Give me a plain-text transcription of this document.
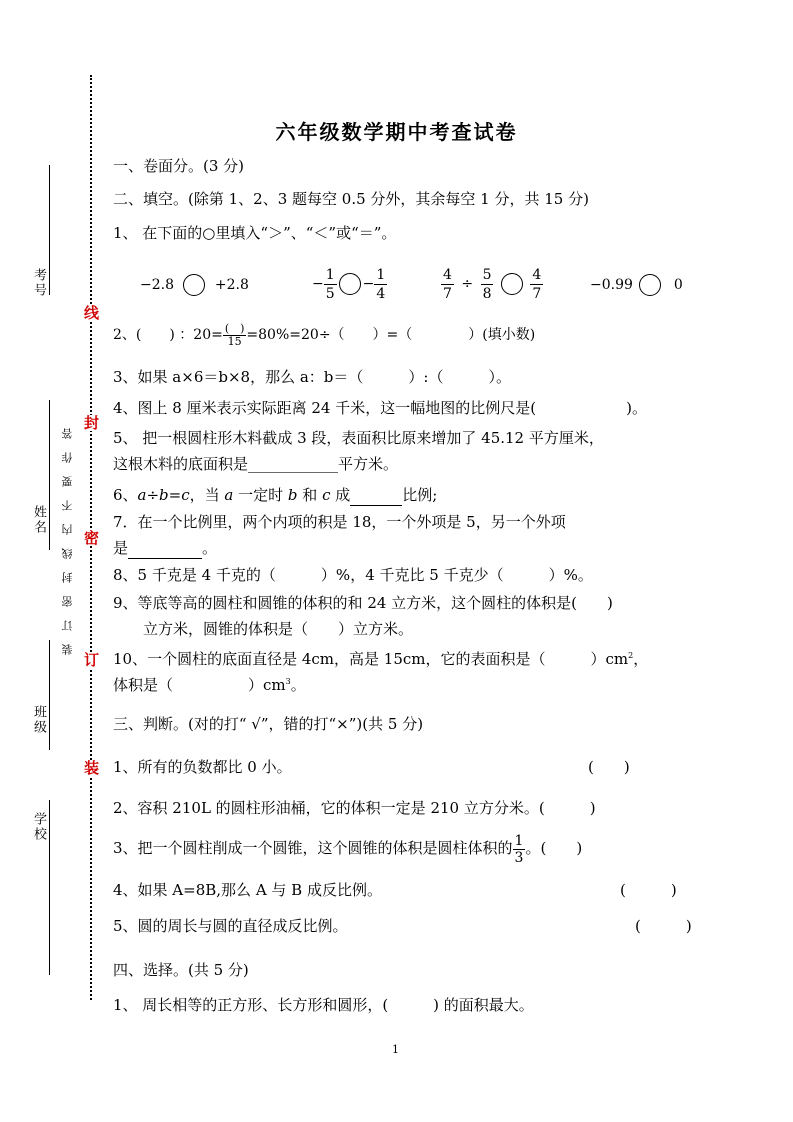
考号
姓名
班级
学校
装订密封线内不要作答
线
封
密
订
装
六年级数学期中考查试卷
一、卷面分。(3 分)
二、填空。(除第 1、2、3 题每空 0.5 分外，其余每空 1 分，共 15 分)
1、 在下面的○里填入“＞”、“＜”或“＝”。
−2.8	+2.8	− $\frac{1}{5} - \frac{1}{4}$	$\frac{4}{7} \div \frac{5}{8}$
	$\frac{4}{7}$	−0.99	0
2、(　　) ：$20= \frac{( )}{15} =80\%=20\div$（　　）=（　　　　）(填小数)
3、如果 a×6＝b×8，那么 a：b＝（　　　）:（　　　）。
4、图上 8 厘米表示实际距离 24 千米，这一幅地图的比例尺是(　　　　　　)。
5、 把一根圆柱形木料截成 3 段，表面积比原来增加了 45.12 平方厘米，
这根木料的底面积是____________平方米。
6、a÷b=c，当 a 一定时 b 和 c 成	比例;
7．在一个比例里，两个内项的积是 18，一个外项是 5，另一个外项
是	。
8、5 千克是 4 千克的（　　　）%，4 千克比 5 千克少（　　　）%。
9、等底等高的圆柱和圆锥的体积的和 24 立方米，这个圆柱的体积是(　　)
立方米，圆锥的体积是（　　）立方米。
10、一个圆柱的底面直径是 4cm，高是 15cm，它的表面积是（　　　）$cm^2$，
体积是（　　　　　）$cm^3$。
三、判断。(对的打“ √”，错的打“×”)(共 5 分)
1、所有的负数都比 0 小。	(　　)
2、容积 210L 的圆柱形油桶，它的体积一定是 210 立方分米。(　　　)
3、把一个圆柱削成一个圆锥，这个圆锥的体积是圆柱体积的 $\frac{1}{3}$ 。(　　)
4、如果 A=8B,那么 A 与 B 成反比例。	(　　　)
5、圆的周长与圆的直径成反比例。	(　　　)
四、选择。(共 5 分)
1、 周长相等的正方形、长方形和圆形，(　　　) 的面积最大。
1
